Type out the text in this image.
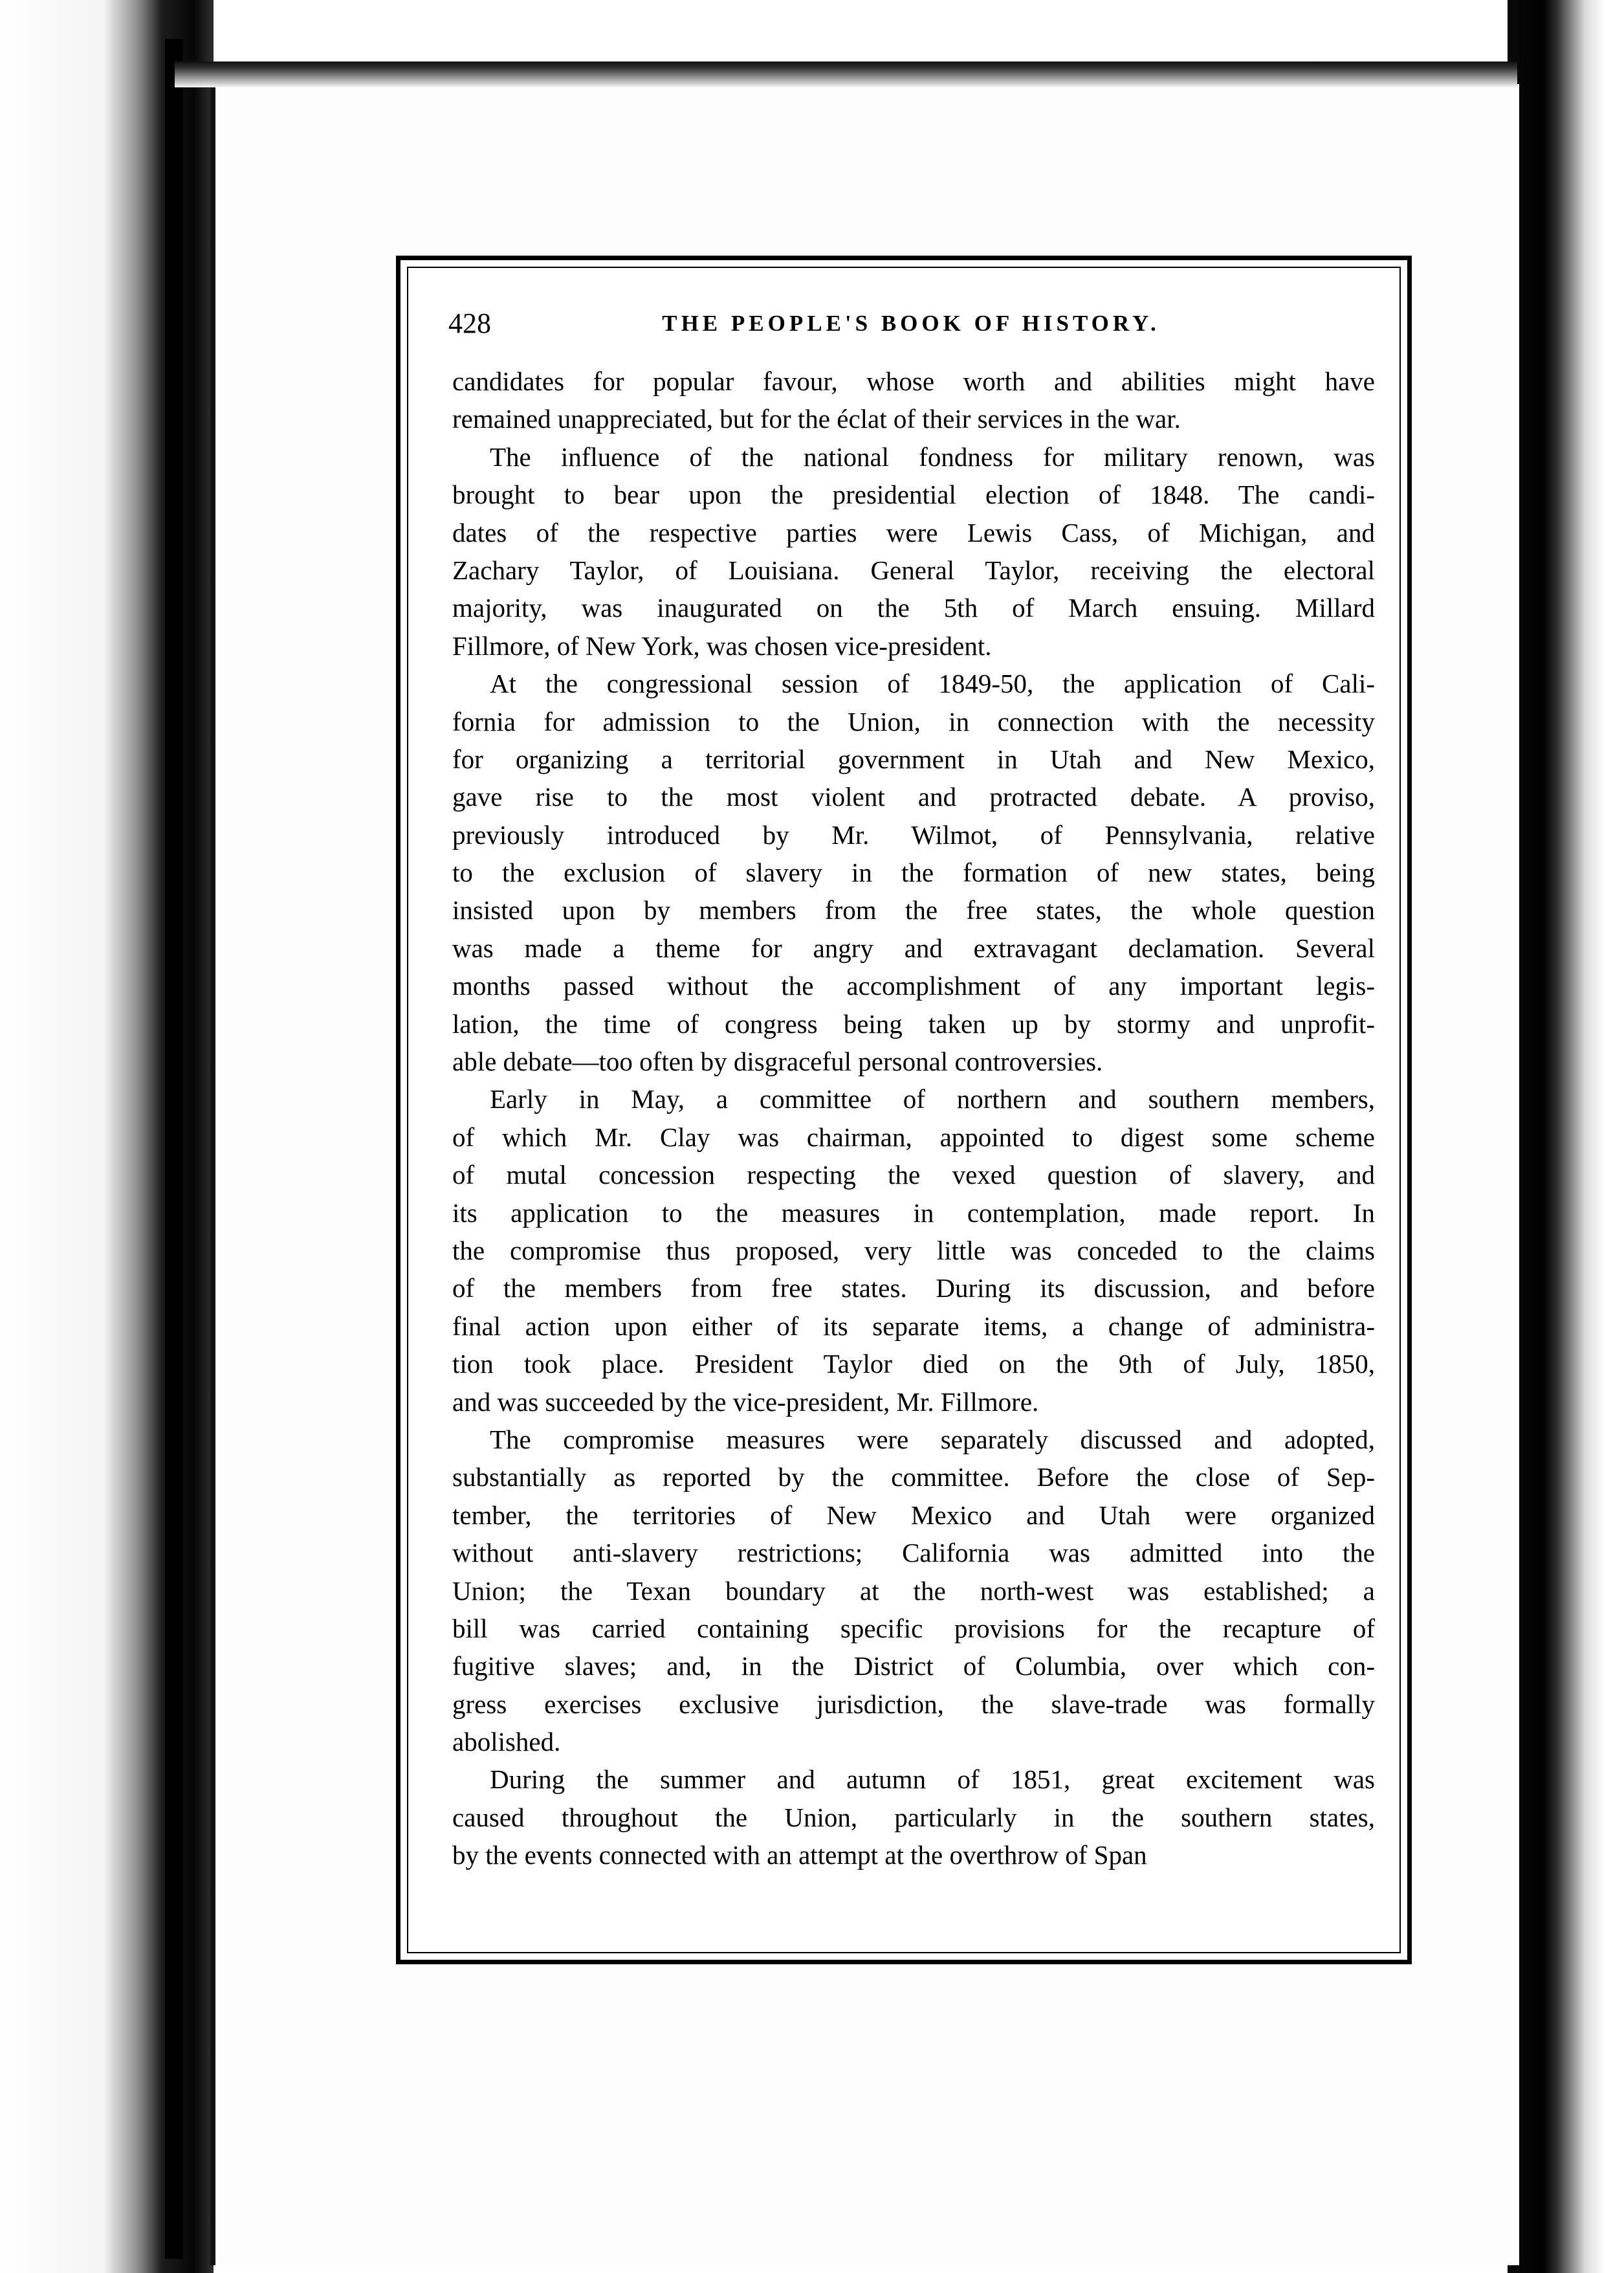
428	THE PEOPLE'S BOOK OF HISTORY.
candidates for popular favour, whose worth and abilities might have
remained unappreciated, but for the éclat of their services in the war.
The influence of the national fondness for military renown, was
brought to bear upon the presidential election of 1848. The candi-
dates of the respective parties were Lewis Cass, of Michigan, and
Zachary Taylor, of Louisiana. General Taylor, receiving the electoral
majority, was inaugurated on the 5th of March ensuing. Millard
Fillmore, of New York, was chosen vice-president.
At the congressional session of 1849-50, the application of Cali-
fornia for admission to the Union, in connection with the necessity
for organizing a territorial government in Utah and New Mexico,
gave rise to the most violent and protracted debate. A proviso,
previously introduced by Mr. Wilmot, of Pennsylvania, relative
to the exclusion of slavery in the formation of new states, being
insisted upon by members from the free states, the whole question
was made a theme for angry and extravagant declamation. Several
months passed without the accomplishment of any important legis-
lation, the time of congress being taken up by stormy and unprofit-
able debate—too often by disgraceful personal controversies.
Early in May, a committee of northern and southern members,
of which Mr. Clay was chairman, appointed to digest some scheme
of mutal concession respecting the vexed question of slavery, and
its application to the measures in contemplation, made report. In
the compromise thus proposed, very little was conceded to the claims
of the members from free states. During its discussion, and before
final action upon either of its separate items, a change of administra-
tion took place. President Taylor died on the 9th of July, 1850,
and was succeeded by the vice-president, Mr. Fillmore.
The compromise measures were separately discussed and adopted,
substantially as reported by the committee. Before the close of Sep-
tember, the territories of New Mexico and Utah were organized
without anti-slavery restrictions; California was admitted into the
Union; the Texan boundary at the north-west was established; a
bill was carried containing specific provisions for the recapture of
fugitive slaves; and, in the District of Columbia, over which con-
gress exercises exclusive jurisdiction, the slave-trade was formally
abolished.
During the summer and autumn of 1851, great excitement was
caused throughout the Union, particularly in the southern states,
by the events connected with an attempt at the overthrow of Span
